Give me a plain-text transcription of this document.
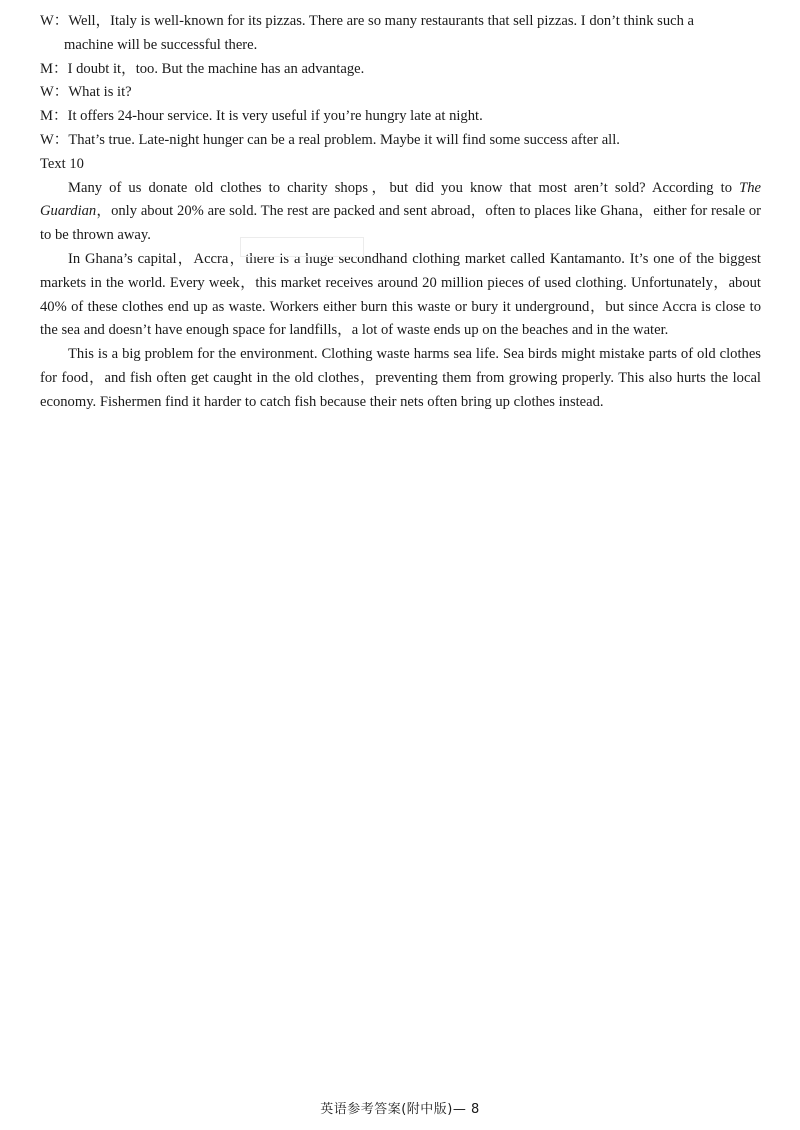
W：Well，Italy is well-known for its pizzas. There are so many restaurants that sell pizzas. I don’t think such a
machine will be successful there.

M：I doubt it，too. But the machine has an advantage.

W：What is it?

M：It offers 24-hour service. It is very useful if you’re hungry late at night.

W：That’s true. Late-night hunger can be a real problem. Maybe it will find some success after all.

Text 10

Many of us donate old clothes to charity shops，but did you know that most aren’t sold? According to The Guardian，only about 20% are sold. The rest are packed and sent abroad，often to places like Ghana，either for resale or to be thrown away.

In Ghana’s capital，Accra，there is a huge secondhand clothing market called Kantamanto. It’s one of the biggest markets in the world. Every week，this market receives around 20 million pieces of used clothing. Unfortunately，about 40% of these clothes end up as waste. Workers either burn this waste or bury it underground，but since Accra is close to the sea and doesn’t have enough space for landfills，a lot of waste ends up on the beaches and in the water.

This is a big problem for the environment. Clothing waste harms sea life. Sea birds might mistake parts of old clothes for food，and fish often get caught in the old clothes，preventing them from growing properly. This also hurts the local economy. Fishermen find it harder to catch fish because their nets often bring up clothes instead.

英语参考答案(附中版)— 8
